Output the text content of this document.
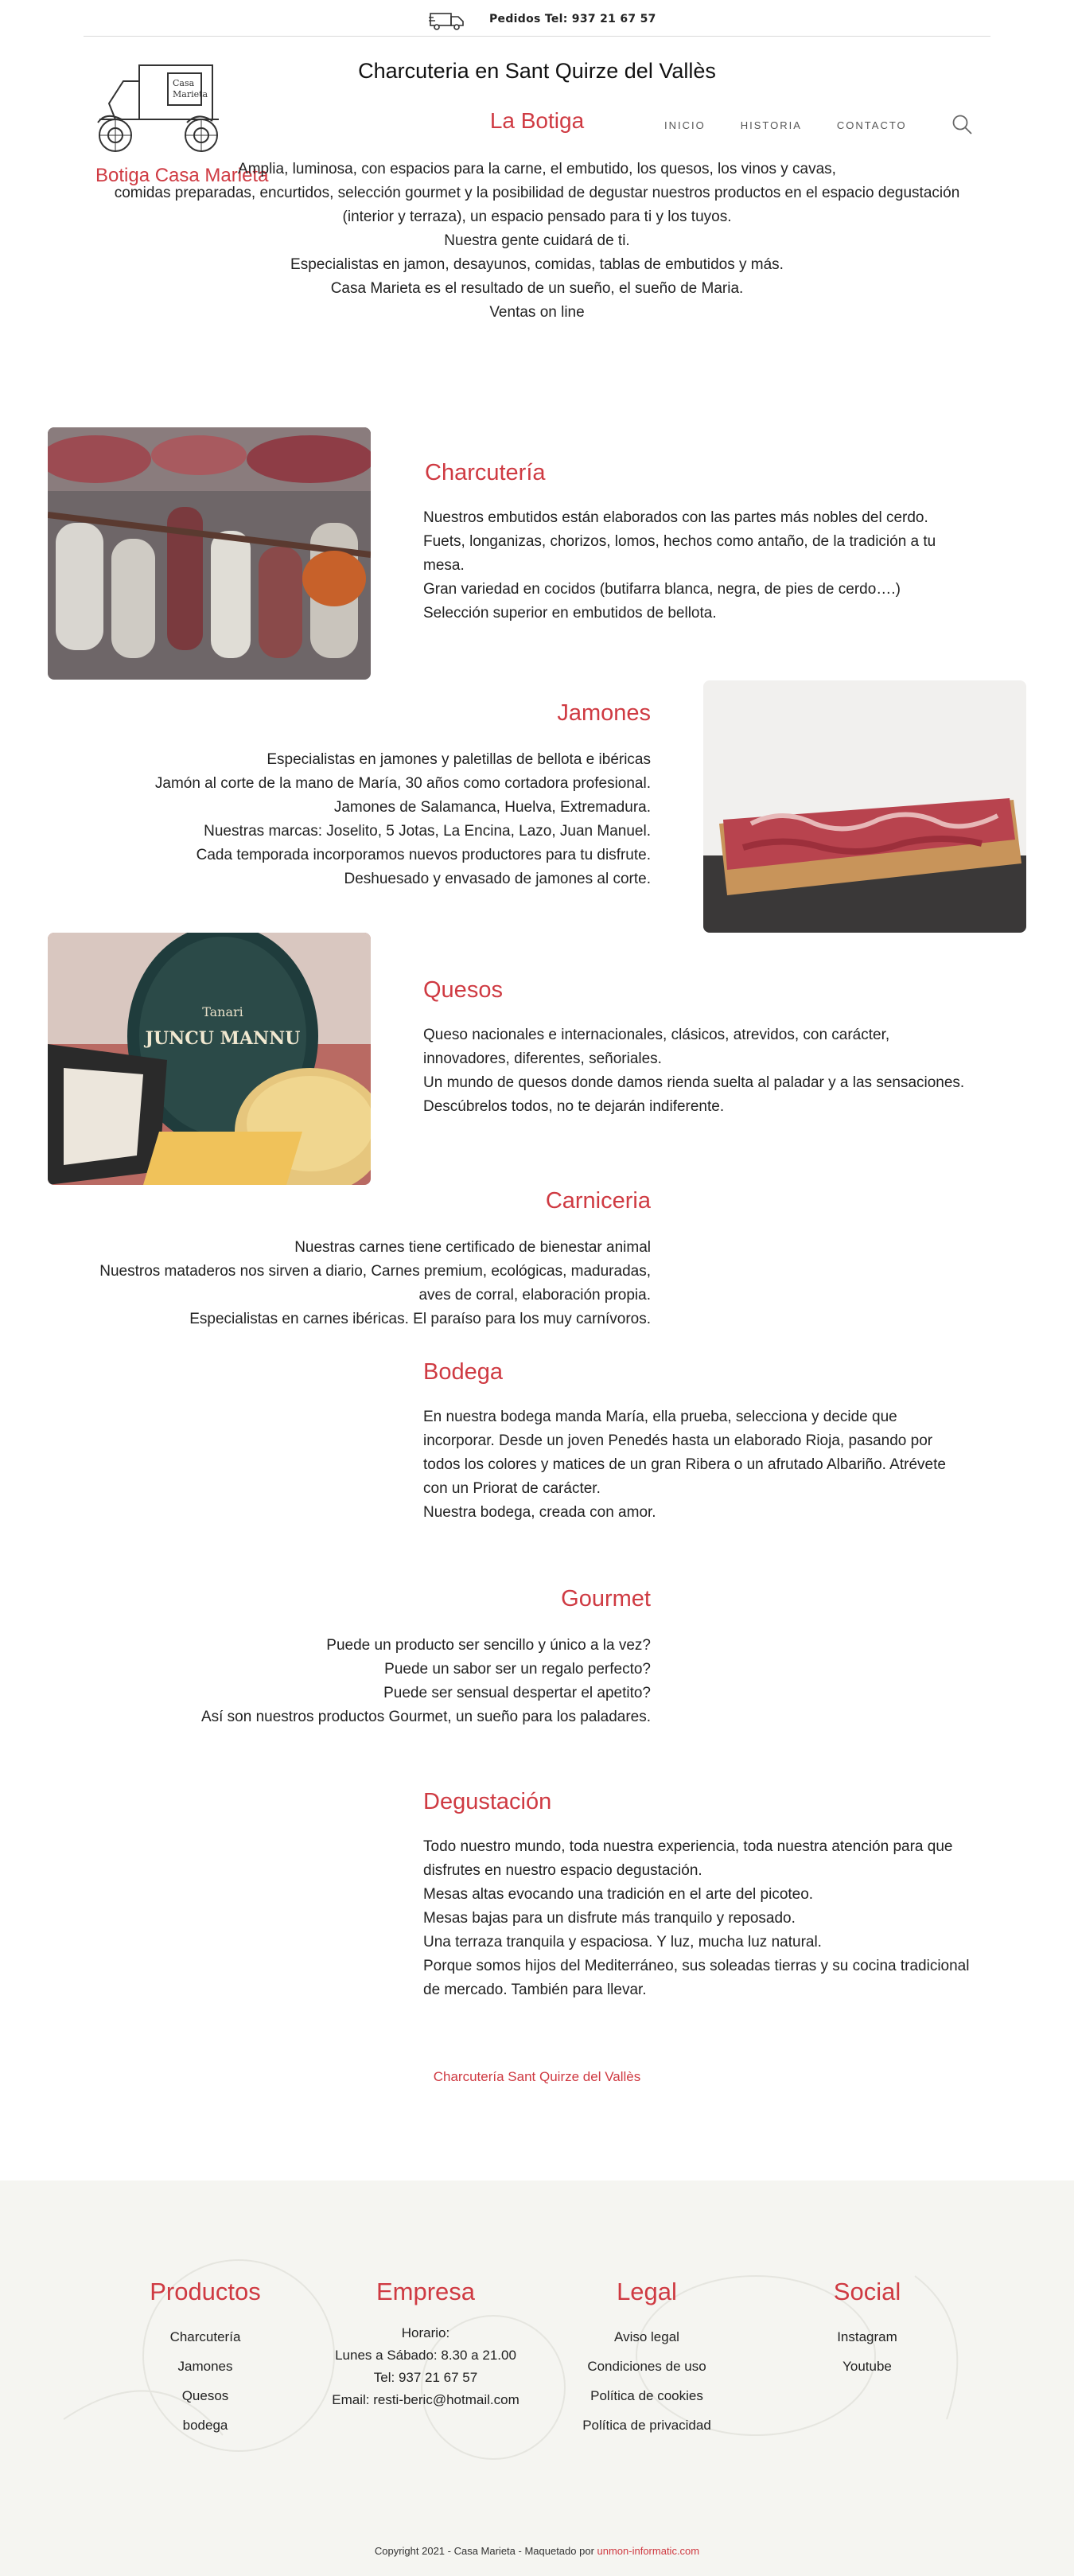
Pedidos Tel: 937 21 67 57
Casa
Marieta
Botiga Casa Marieta
Charcuteria en Sant Quirze del Vallès
La Botiga	INICIO	HISTORIA	CONTACTO

Amplia, luminosa, con espacios para la carne, el embutido, los quesos, los vinos y cavas,

comidas preparadas, encurtidos, selección gourmet y la posibilidad de degustar nuestros productos en el espacio degustación

(interior y terraza), un espacio pensado para ti y los tuyos.

Nuestra gente cuidará de ti.

Especialistas en jamon, desayunos, comidas, tablas de embutidos y más.

Casa Marieta es el resultado de un sueño, el sueño de Maria.

Ventas on line

Charcutería

Nuestros embutidos están elaborados con las partes más nobles del cerdo.

Fuets, longanizas, chorizos, lomos, hechos como antaño, de la tradición a tu

mesa.

Gran variedad en cocidos (butifarra blanca, negra, de pies de cerdo….)

Selección superior en embutidos de bellota.

Jamones

Especialistas en jamones y paletillas de bellota e ibéricas

Jamón al corte de la mano de María, 30 años como cortadora profesional.

Jamones de Salamanca, Huelva, Extremadura.

Nuestras marcas: Joselito, 5 Jotas, La Encina, Lazo, Juan Manuel.

Cada temporada incorporamos nuevos productores para tu disfrute.

Deshuesado y envasado de jamones al corte.

Tanari
JUNCU MANNU
Quesos

Queso nacionales e internacionales, clásicos, atrevidos, con carácter,

innovadores, diferentes, señoriales.

Un mundo de quesos donde damos rienda suelta al paladar y a las sensaciones.

Descúbrelos todos, no te dejarán indiferente.

Carniceria

Nuestras carnes tiene certificado de bienestar animal

Nuestros mataderos nos sirven a diario, Carnes premium, ecológicas, maduradas,

aves de corral, elaboración propia.

Especialistas en carnes ibéricas. El paraíso para los muy carnívoros.

Bodega

En nuestra bodega manda María, ella prueba, selecciona y decide que

incorporar. Desde un joven Penedés hasta un elaborado Rioja, pasando por

todos los colores y matices de un gran Ribera o un afrutado Albariño. Atrévete

con un Priorat de carácter.

Nuestra bodega, creada con amor.

Gourmet

Puede un producto ser sencillo y único a la vez?

Puede un sabor ser un regalo perfecto?

Puede ser sensual despertar el apetito?

Así son nuestros productos Gourmet, un sueño para los paladares.

Degustación

Todo nuestro mundo, toda nuestra experiencia, toda nuestra atención para que

disfrutes en nuestro espacio degustación.

Mesas altas evocando una tradición en el arte del picoteo.

Mesas bajas para un disfrute más tranquilo y reposado.

Una terraza tranquila y espaciosa. Y luz, mucha luz natural.

Porque somos hijos del Mediterráneo, sus soleadas tierras y su cocina tradicional

de mercado. También para llevar.

Charcutería Sant Quirze del Vallès
Productos
Charcutería
Jamones
Quesos
bodega
Empresa
Horario:
Lunes a Sábado: 8.30 a 21.00
Tel: 937 21 67 57
Email: resti-beric@hotmail.com
Legal
Aviso legal
Condiciones de uso
Política de cookies
Política de privacidad
Social
Instagram
Youtube
Copyright 2021 - Casa Marieta - Maquetado por unmon-informatic.com
